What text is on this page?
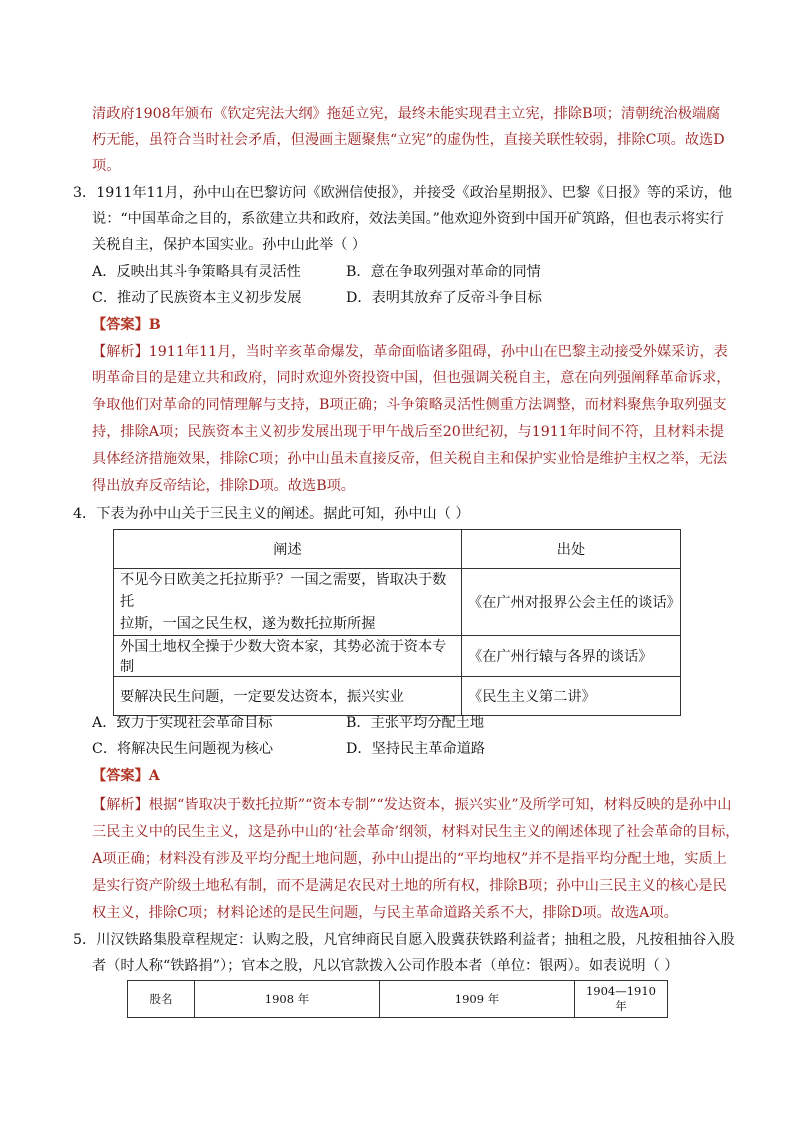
清政府1908年颁布《钦定宪法大纲》拖延立宪，最终未能实现君主立宪，排除B项；清朝统治极端腐
朽无能，虽符合当时社会矛盾，但漫画主题聚焦“立宪”的虚伪性，直接关联性较弱，排除C项。故选D
项。
3．1911年11月，孙中山在巴黎访问《欧洲信使报》，并接受《政治星期报》、巴黎《日报》等的采访，他
说：“中国革命之目的，系欲建立共和政府，效法美国。”他欢迎外资到中国开矿筑路，但也表示将实行
关税自主，保护本国实业。孙中山此举（ ）
A．反映出其斗争策略具有灵活性	B．意在争取列强对革命的同情
C．推动了民族资本主义初步发展	D．表明其放弃了反帝斗争目标
【答案】B
【解析】1911年11月，当时辛亥革命爆发，革命面临诸多阻碍，孙中山在巴黎主动接受外媒采访，表
明革命目的是建立共和政府，同时欢迎外资投资中国，但也强调关税自主，意在向列强阐释革命诉求，
争取他们对革命的同情理解与支持，B项正确；斗争策略灵活性侧重方法调整，而材料聚焦争取列强支
持，排除A项；民族资本主义初步发展出现于甲午战后至20世纪初，与1911年时间不符，且材料未提
具体经济措施效果，排除C项；孙中山虽未直接反帝，但关税自主和保护实业恰是维护主权之举，无法
得出放弃反帝结论，排除D项。故选B项。
4．下表为孙中山关于三民主义的阐述。据此可知，孙中山（ ）
阐述	出处

不见今日欧美之托拉斯乎？一国之需要，皆取决于数托
拉斯，一国之民生权，遂为数托拉斯所握	《在广州对报界公会主任的谈话》

外国土地权全操于少数大资本家，其势必流于资本专制	《在广州行辕与各界的谈话》

要解决民生问题，一定要发达资本，振兴实业	《民生主义第二讲》
A．致力于实现社会革命目标	B．主张平均分配土地
C．将解决民生问题视为核心	D．坚持民主革命道路
【答案】A
【解析】根据“皆取决于数托拉斯”“资本专制”“发达资本，振兴实业”及所学可知，材料反映的是孙中山
三民主义中的民生主义，这是孙中山的‘社会革命’纲领，材料对民生主义的阐述体现了社会革命的目标，
A项正确；材料没有涉及平均分配土地问题，孙中山提出的“平均地权”并不是指平均分配土地，实质上
是实行资产阶级土地私有制，而不是满足农民对土地的所有权，排除B项；孙中山三民主义的核心是民
权主义，排除C项；材料论述的是民生问题，与民主革命道路关系不大，排除D项。故选A项。
5．川汉铁路集股章程规定：认购之股，凡官绅商民自愿入股冀获铁路利益者；抽租之股，凡按租抽谷入股
者（时人称“铁路捐”）；官本之股，凡以官款拨入公司作股本者（单位：银两）。如表说明（ ）
股名	1908 年	1909 年	1904—1910 年
